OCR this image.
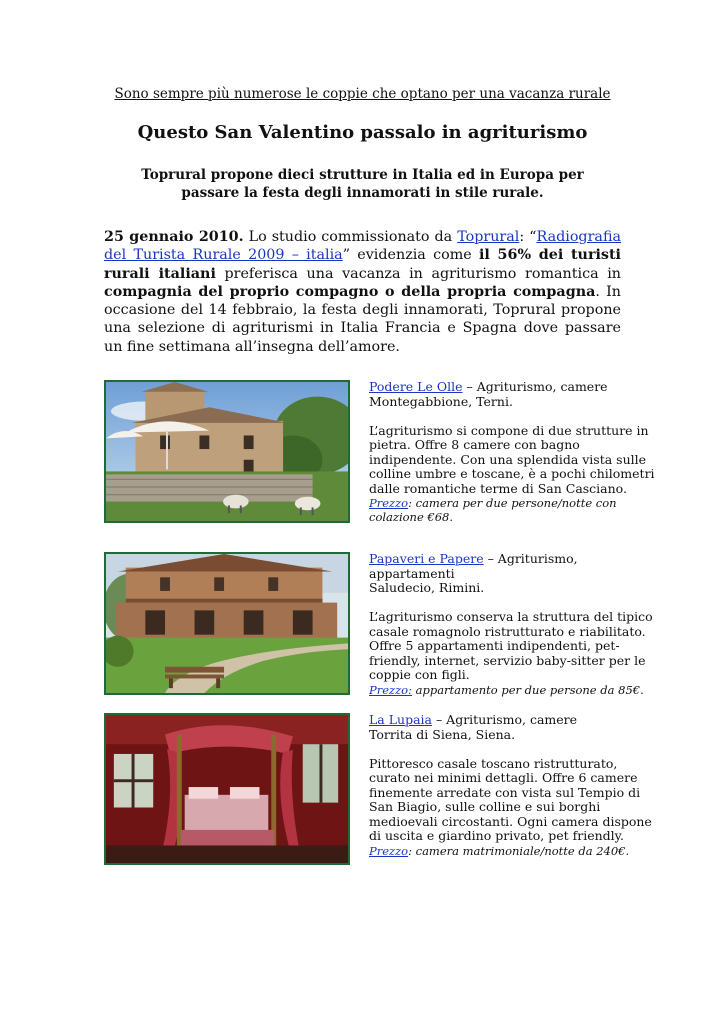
Sono sempre più numerose le coppie che optano per una vacanza rurale
Questo San Valentino passalo in agriturismo
Toprural propone dieci strutture in Italia ed in Europa per passare la festa degli innamorati in stile rurale.
25 gennaio 2010. Lo studio commissionato da Toprural: “Radiografia del Turista Rurale 2009 – italia” evidenzia come il 56% dei turisti rurali italiani preferisca una vacanza in agriturismo romantica in compagnia del proprio compagno o della propria compagna. In occasione del 14 febbraio, la festa degli innamorati, Toprural propone una selezione di agriturismi in Italia Francia e Spagna dove passare un fine settimana all’insegna dell’amore.

Podere Le Olle – Agriturismo, camere

Montegabbione, Terni.

L’agriturismo si compone di due strutture in pietra. Offre 8 camere con bagno indipendente. Con una splendida vista sulle colline umbre e toscane, è a pochi chilometri dalle romantiche terme di San Casciano.

Prezzo: camera per due persone/notte con colazione €68.

Papaveri e Papere – Agriturismo, appartamenti

Saludecio, Rimini.

L’agriturismo conserva la struttura del tipico casale romagnolo ristrutturato e riabilitato. Offre 5 appartamenti indipendenti, pet-friendly, internet, servizio baby-sitter per le coppie con figli.

Prezzo: appartamento per due persone da 85€.

La Lupaia – Agriturismo, camere

Torrita di Siena, Siena.

Pittoresco casale toscano ristrutturato, curato nei minimi dettagli. Offre 6 camere finemente arredate con vista sul Tempio di San Biagio, sulle colline e sui borghi medioevali circostanti. Ogni camera dispone di uscita e giardino privato, pet friendly.

Prezzo: camera matrimoniale/notte da 240€.
